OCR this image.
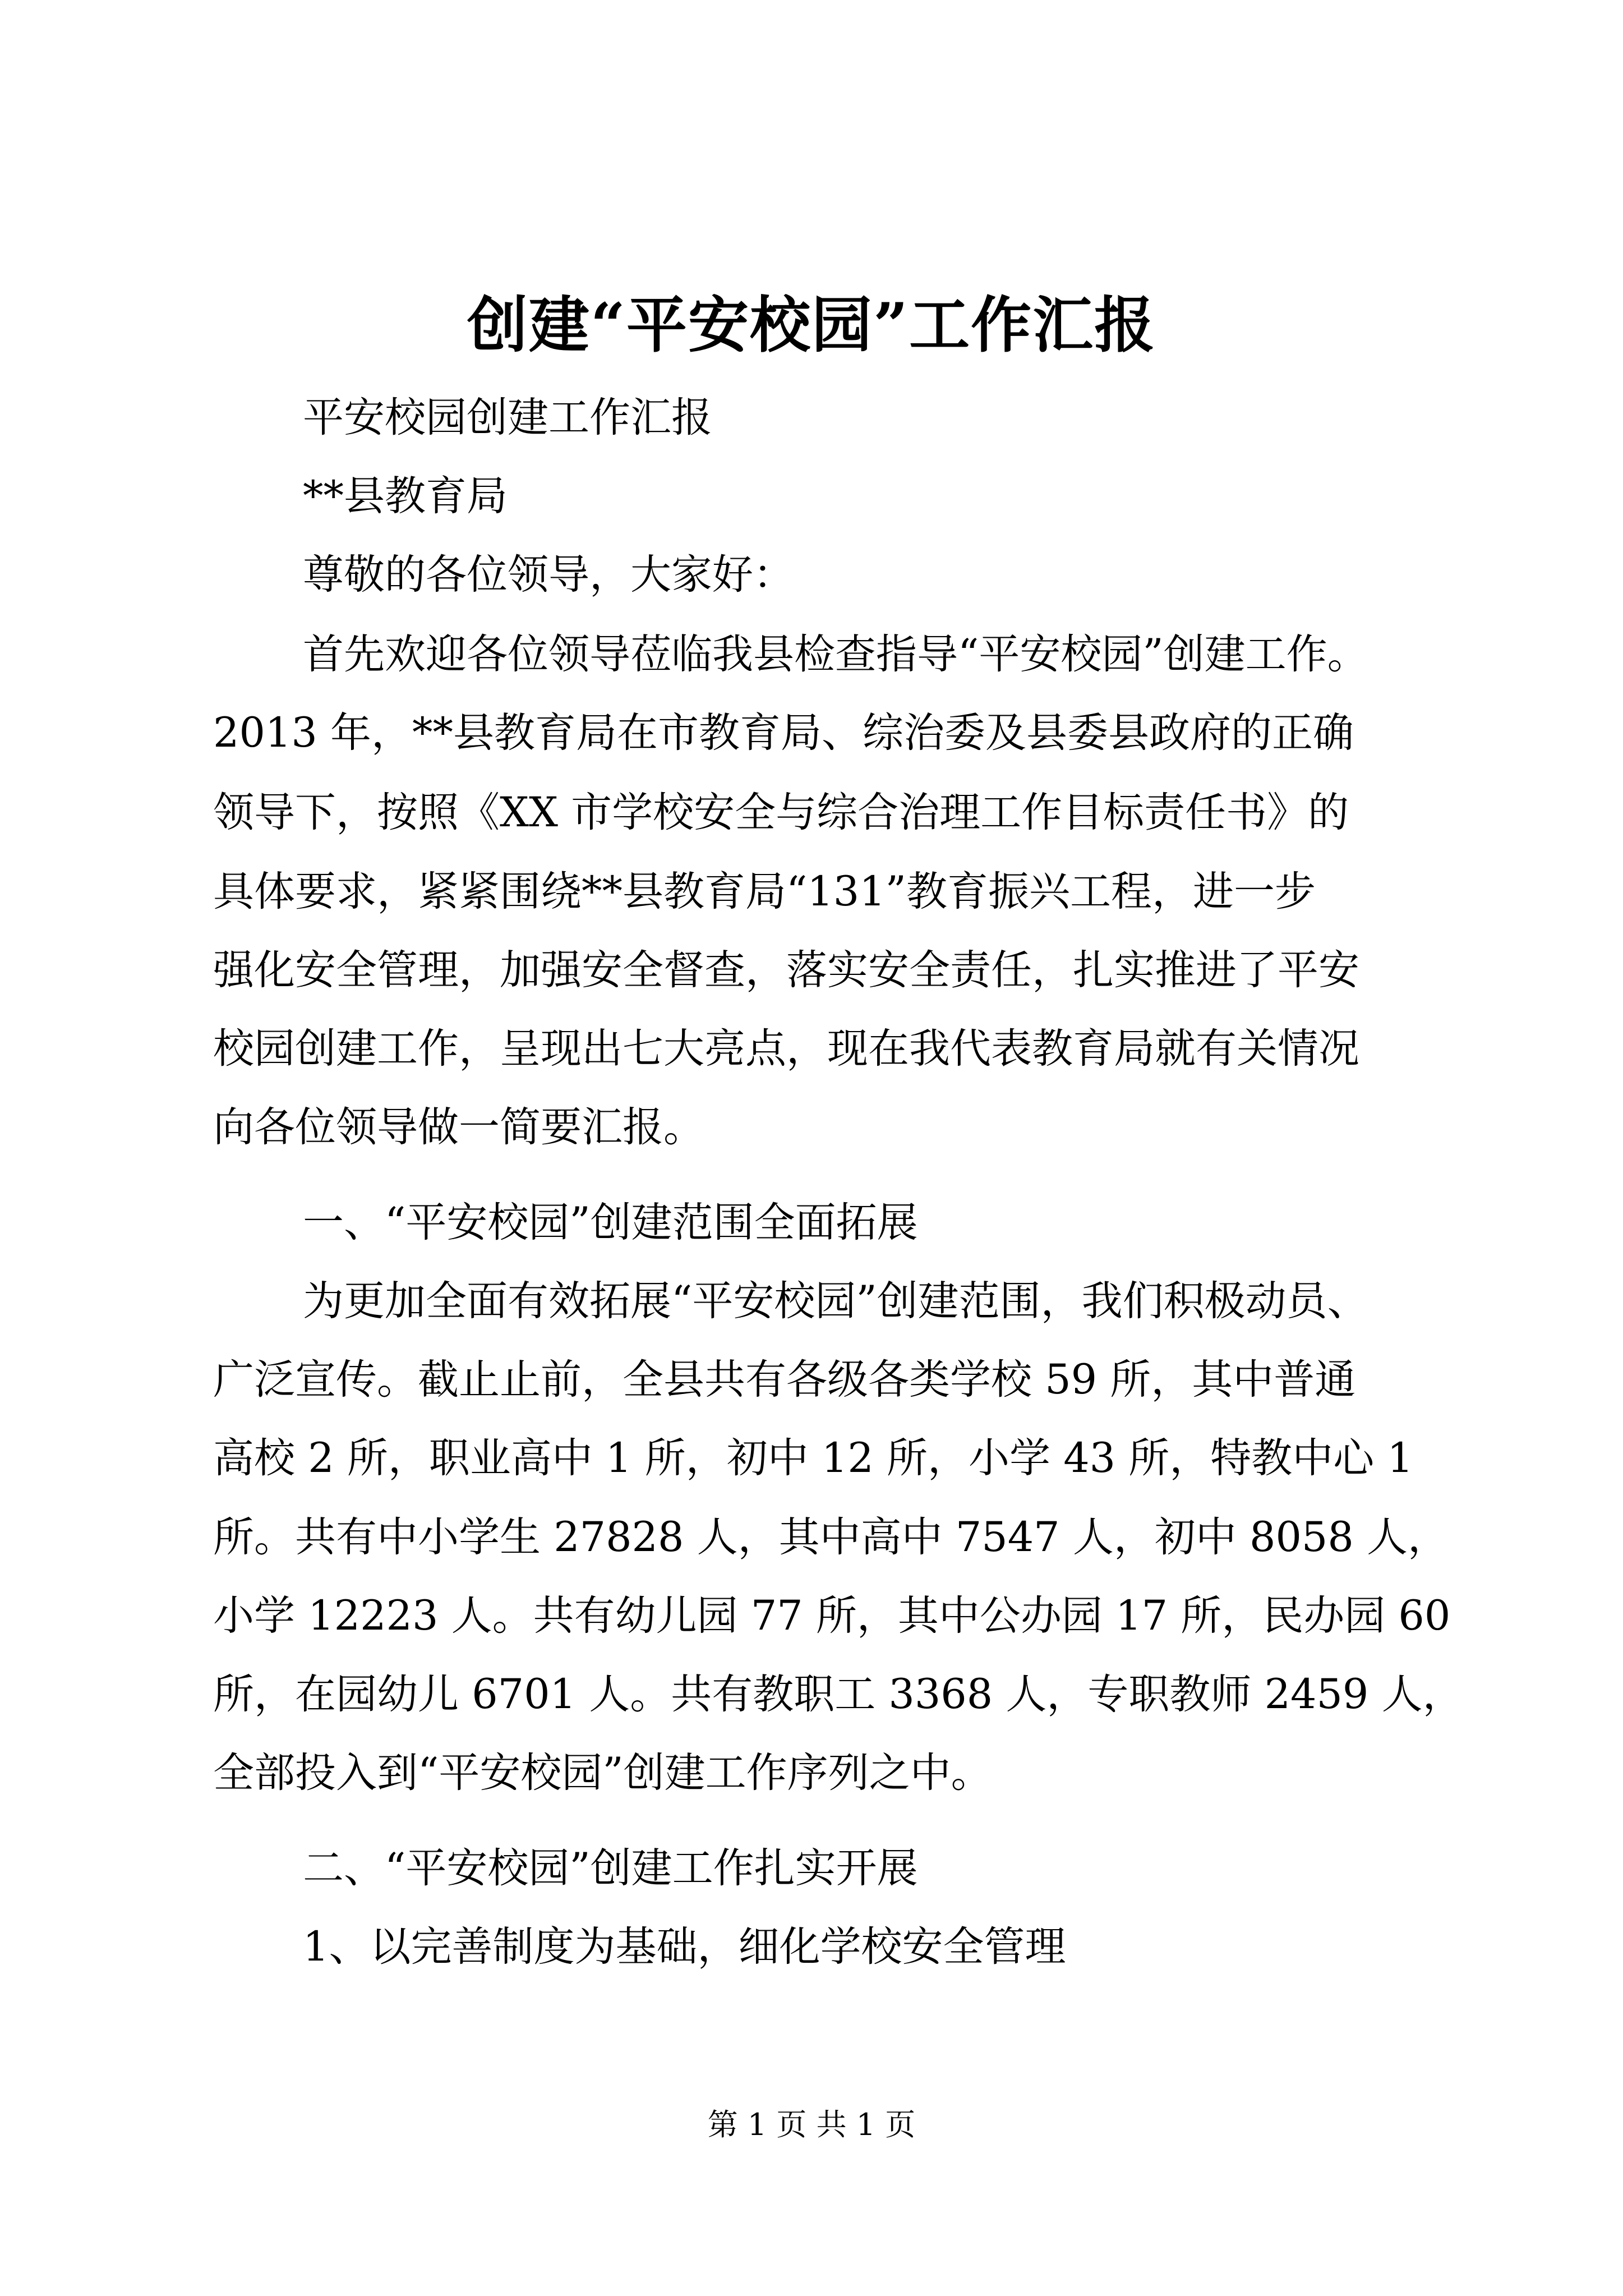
创建“平安校园”工作汇报
平安校园创建工作汇报
**县教育局
尊敬的各位领导，大家好：
首先欢迎各位领导莅临我县检查指导“平安校园”创建工作。
2013 年，**县教育局在市教育局、综治委及县委县政府的正确
领导下，按照《XX 市学校安全与综合治理工作目标责任书》的
具体要求，紧紧围绕**县教育局“131”教育振兴工程，进一步
强化安全管理，加强安全督查，落实安全责任，扎实推进了平安
校园创建工作，呈现出七大亮点，现在我代表教育局就有关情况
向各位领导做一简要汇报。
一、“平安校园”创建范围全面拓展
为更加全面有效拓展“平安校园”创建范围，我们积极动员、
广泛宣传。截止止前，全县共有各级各类学校 59 所，其中普通
高校 2 所，职业高中 1 所，初中 12 所，小学 43 所，特教中心 1
所。共有中小学生 27828 人，其中高中 7547 人，初中 8058 人，
小学 12223 人。共有幼儿园 77 所，其中公办园 17 所，民办园 60
所，在园幼儿 6701 人。共有教职工 3368 人，专职教师 2459 人，
全部投入到“平安校园”创建工作序列之中。
二、“平安校园”创建工作扎实开展
1、以完善制度为基础，细化学校安全管理
第 1 页 共 1 页
